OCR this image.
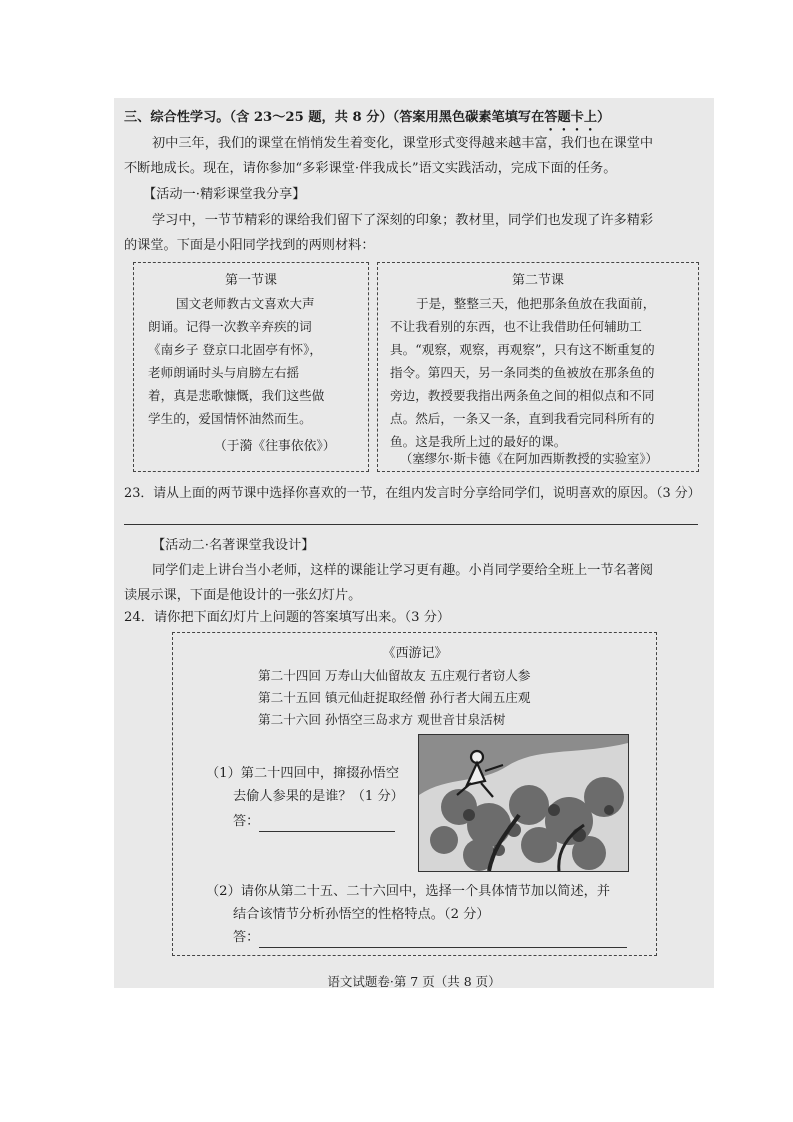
三、综合性学习。（含 23～25 题，共 8 分）（答案用黑色碳素笔填写在答题卡上）
初中三年，我们的课堂在悄悄发生着变化，课堂形式变得越来越丰富，我们也在课堂中
不断地成长。现在，请你参加“多彩课堂·伴我成长”语文实践活动，完成下面的任务。
【活动一·精彩课堂我分享】
学习中，一节节精彩的课给我们留下了深刻的印象；教材里，同学们也发现了许多精彩
的课堂。下面是小阳同学找到的两则材料：
第一节课
国文老师教古文喜欢大声
朗诵。记得一次教辛弃疾的词
《南乡子 登京口北固亭有怀》，
老师朗诵时头与肩膀左右摇
着，真是悲歌慷慨，我们这些做
学生的，爱国情怀油然而生。
（于漪《往事依依》）
第二节课
于是，整整三天，他把那条鱼放在我面前，
不让我看别的东西，也不让我借助任何辅助工
具。“观察，观察，再观察”，只有这不断重复的
指令。第四天，另一条同类的鱼被放在那条鱼的
旁边，教授要我指出两条鱼之间的相似点和不同
点。然后，一条又一条，直到我看完同科所有的
鱼。这是我所上过的最好的课。
（塞缪尔·斯卡德《在阿加西斯教授的实验室》）
23．请从上面的两节课中选择你喜欢的一节，在组内发言时分享给同学们，说明喜欢的原因。（3 分）
【活动二·名著课堂我设计】
同学们走上讲台当小老师，这样的课能让学习更有趣。小肖同学要给全班上一节名著阅
读展示课，下面是他设计的一张幻灯片。
24．请你把下面幻灯片上问题的答案填写出来。（3 分）
《西游记》
第二十四回 万寿山大仙留故友 五庄观行者窃人参
第二十五回 镇元仙赶捉取经僧 孙行者大闹五庄观
第二十六回 孙悟空三岛求方 观世音甘泉活树
（1）第二十四回中，撺掇孙悟空
去偷人参果的是谁？（1 分）
答：
（2）请你从第二十五、二十六回中，选择一个具体情节加以简述，并
结合该情节分析孙悟空的性格特点。（2 分）
答：
语文试题卷·第 7 页（共 8 页）
